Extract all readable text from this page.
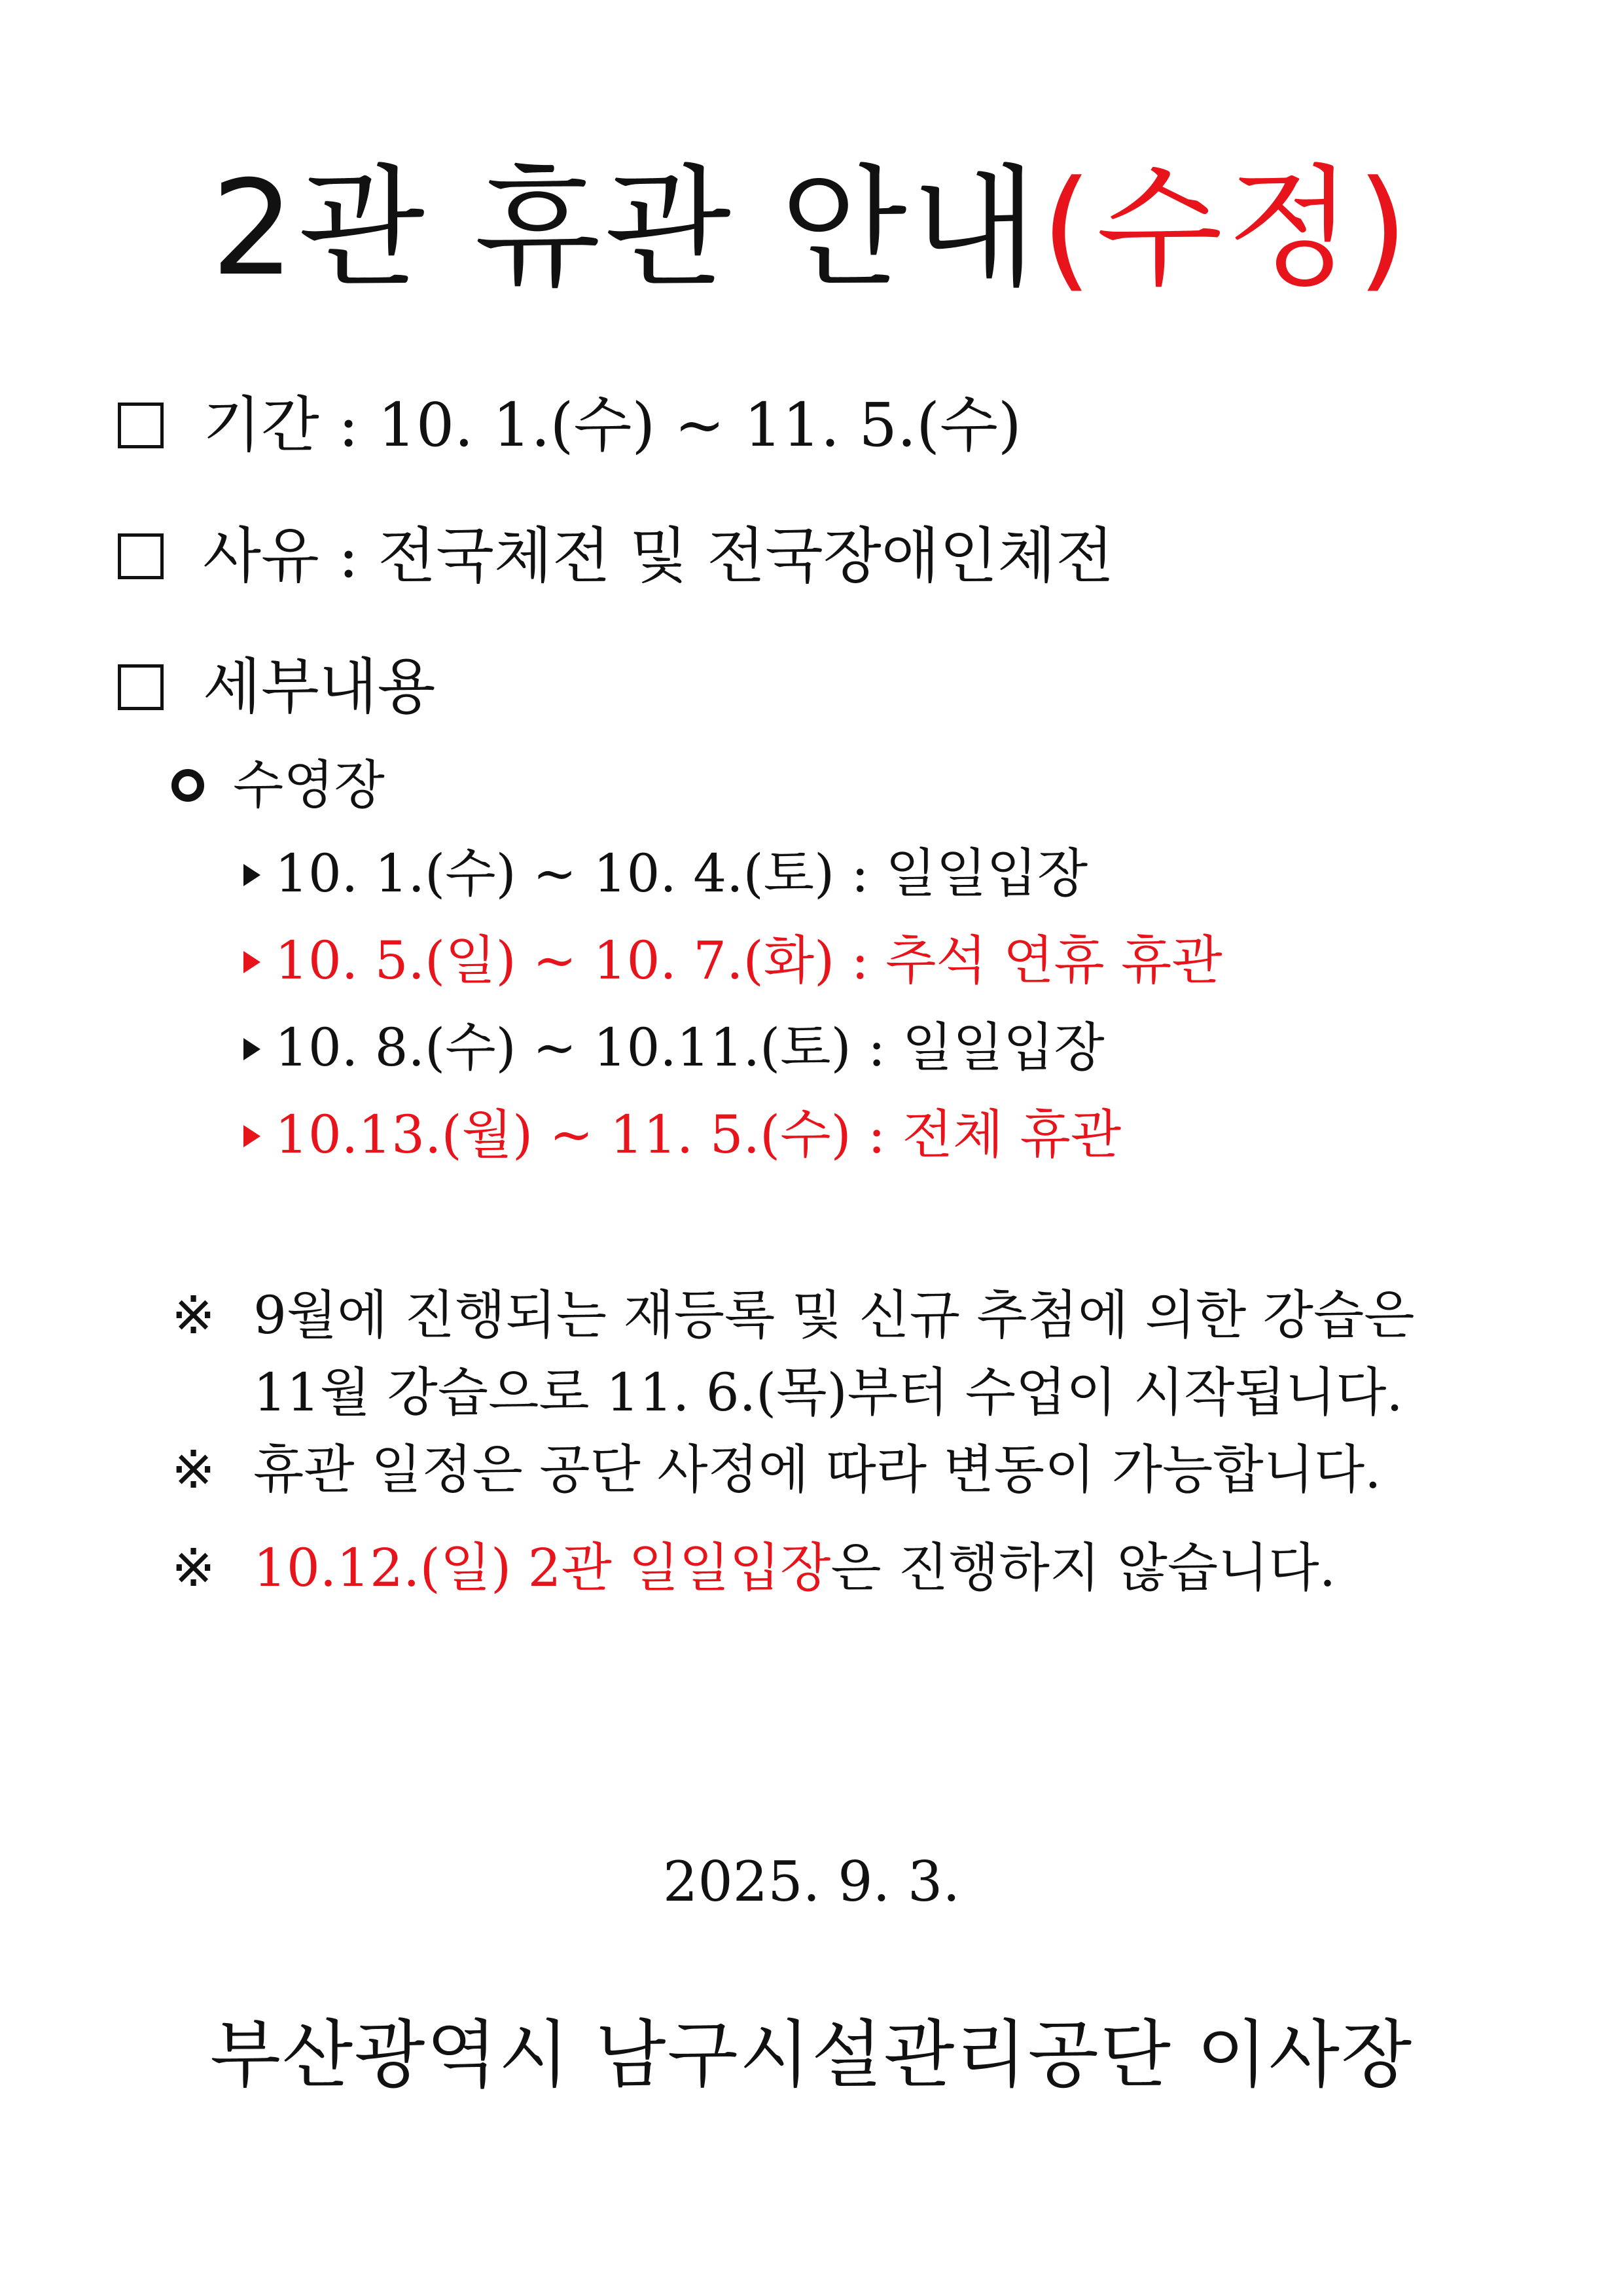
2관 휴관 안내(수정)
기간 : 10. 1.(수) ~ 11. 5.(수)
사유 : 전국체전 및 전국장애인체전
세부내용
수영장
10. 1.(수) ~ 10. 4.(토) : 일일입장
10. 5.(일) ~ 10. 7.(화) : 추석 연휴 휴관
10. 8.(수) ~ 10.11.(토) : 일일입장
10.13.(월) ~ 11. 5.(수) : 전체 휴관
※ 9월에 진행되는 재등록 및 신규 추첨에 의한 강습은
11월 강습으로 11. 6.(목)부터 수업이 시작됩니다.
※ 휴관 일정은 공단 사정에 따라 변동이 가능합니다.
※ 10.12.(일) 2관 일일입장은 진행하지 않습니다.
2025. 9. 3.
부산광역시 남구시설관리공단 이사장
